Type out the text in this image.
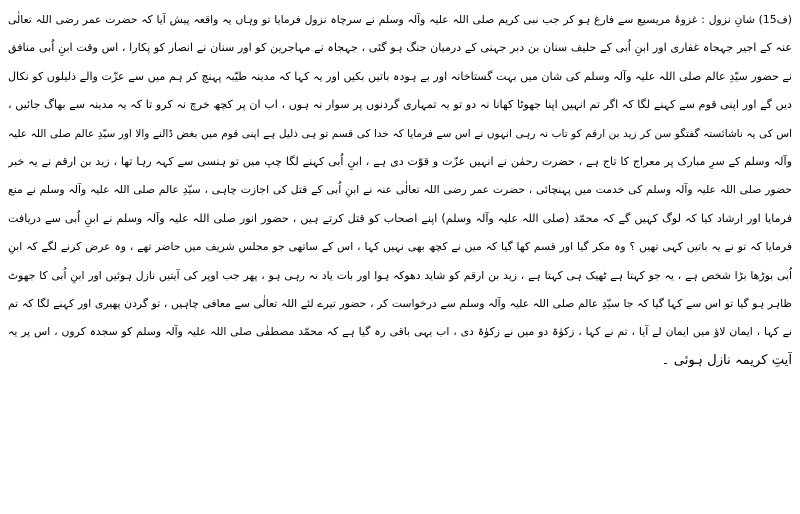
(ف15) شانِ نزول : غزوۂ مریسیع سے فارغ ہو کر جب نبی کریم صلی اللہ علیہ وآلہ وسلم نے سرچاہ نزول فرمایا تو وہاں یہ واقعہ پیش آیا کہ حضرت عمر رضی اللہ تعالٰی
عنہ کے اجیر جہجاہ غفاری اور ابنِ اُبی کے حلیف سنان بن دبر جہنی کے درمیان جنگ ہو گئی ، جہجاہ نے مہاجرین کو اور سنان نے انصار کو پکارا ، اس وقت ابنِ اُبی منافق
نے حضور سیّدِ عالم صلی اللہ علیہ وآلہ وسلم کی شان میں بہت گستاخانہ اور بے ہودہ باتیں بکیں اور یہ کہا کہ مدینہ طیّبہ پہنچ کر ہم میں سے عزّت والے ذلیلوں کو نکال
دیں گے اور اپنی قوم سے کہنے لگا کہ اگر تم انہیں اپنا جھوٹا کھانا نہ دو تو یہ تمہاری گردنوں پر سوار نہ ہوں ، اب ان پر کچھ خرچ نہ کرو تا کہ یہ مدینہ سے بھاگ جائیں ،
اس کی یہ ناشائستہ گفتگو سن کر زید بن ارقم کو تاب نہ رہی انہوں نے اس سے فرمایا کہ خدا کی قسم تو ہی ذلیل ہے اپنی قوم میں بغض ڈالنے والا اور سیّدِ عالم صلی اللہ علیہ
وآلہ وسلم کے سرِ مبارک پر معراج کا تاج ہے ، حضرت رحمٰن نے انہیں عزّت و قوّت دی ہے ، ابنِ اُبی کہنے لگا چپ میں تو ہنسی سے کہہ رہا تھا ، زید بن ارقم نے یہ خبر
حضور صلی اللہ علیہ وآلہ وسلم کی خدمت میں پہنچائی ، حضرت عمر رضی اللہ تعالٰی عنہ نے ابنِ اُبی کے قتل کی اجازت چاہی ، سیّدِ عالم صلی اللہ علیہ وآلہ وسلم نے منع
فرمایا اور ارشاد کیا کہ لوگ کہیں گے کہ محمّد (صلی اللہ علیہ وآلہ وسلم) اپنے اصحاب کو قتل کرتے ہیں ، حضور انور صلی اللہ علیہ وآلہ وسلم نے ابنِ اُبی سے دریافت
فرمایا کہ تو نے یہ باتیں کہی تھیں ؟ وہ مکر گیا اور قسم کھا گیا کہ میں نے کچھ بھی نہیں کہا ، اس کے ساتھی جو مجلس شریف میں حاضر تھے ، وہ عرض کرنے لگے کہ ابنِ
اُبی بوڑھا بڑا شخص ہے ، یہ جو کہتا ہے ٹھیک ہی کہتا ہے ، زید بن ارقم کو شاید دھوکہ ہوا اور بات یاد نہ رہی ہو ، پھر جب اوپر کی آیتیں نازل ہوئیں اور ابنِ اُبی کا جھوٹ
ظاہر ہو گیا تو اس سے کہا گیا کہ جا سیّدِ عالم صلی اللہ علیہ وآلہ وسلم سے درخواست کر ، حضور تیرے لئے اللہ تعالٰی سے معافی چاہیں ، تو گردن پھیری اور کہنے لگا کہ تم
نے کہا ، ایمان لاؤ میں ایمان لے آیا ، تم نے کہا ، زکوٰۃ دو میں نے زکوٰۃ دی ، اب یہی باقی رہ گیا ہے کہ محمّد مصطفٰی صلی اللہ علیہ وآلہ وسلم کو سجدہ کروں ، اس پر یہ
آیتِ کریمہ نازل ہوئی ۔
